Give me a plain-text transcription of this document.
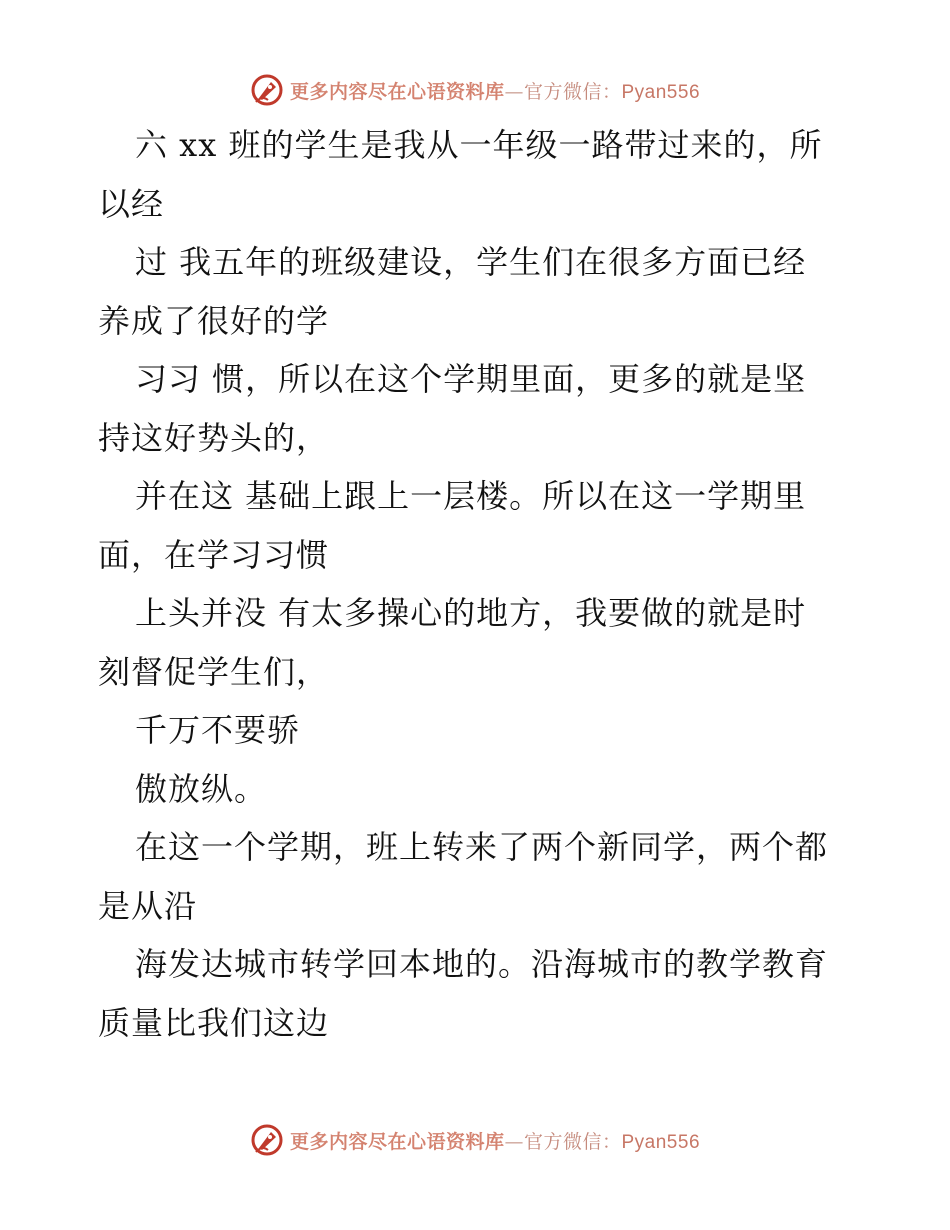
更多内容尽在心语资料库—官方微信：Pyan556
六 xx 班的学生是我从一年级一路带过来的，所
以经
过 我五年的班级建设，学生们在很多方面已经
养成了很好的学
习习 惯，所以在这个学期里面，更多的就是坚
持这好势头的，
并在这 基础上跟上一层楼。所以在这一学期里
面，在学习习惯
上头并没 有太多操心的地方，我要做的就是时
刻督促学生们，
千万不要骄
傲放纵。
在这一个学期，班上转来了两个新同学，两个都
是从沿
海发达城市转学回本地的。沿海城市的教学教育
质量比我们这边
更多内容尽在心语资料库—官方微信：Pyan556
